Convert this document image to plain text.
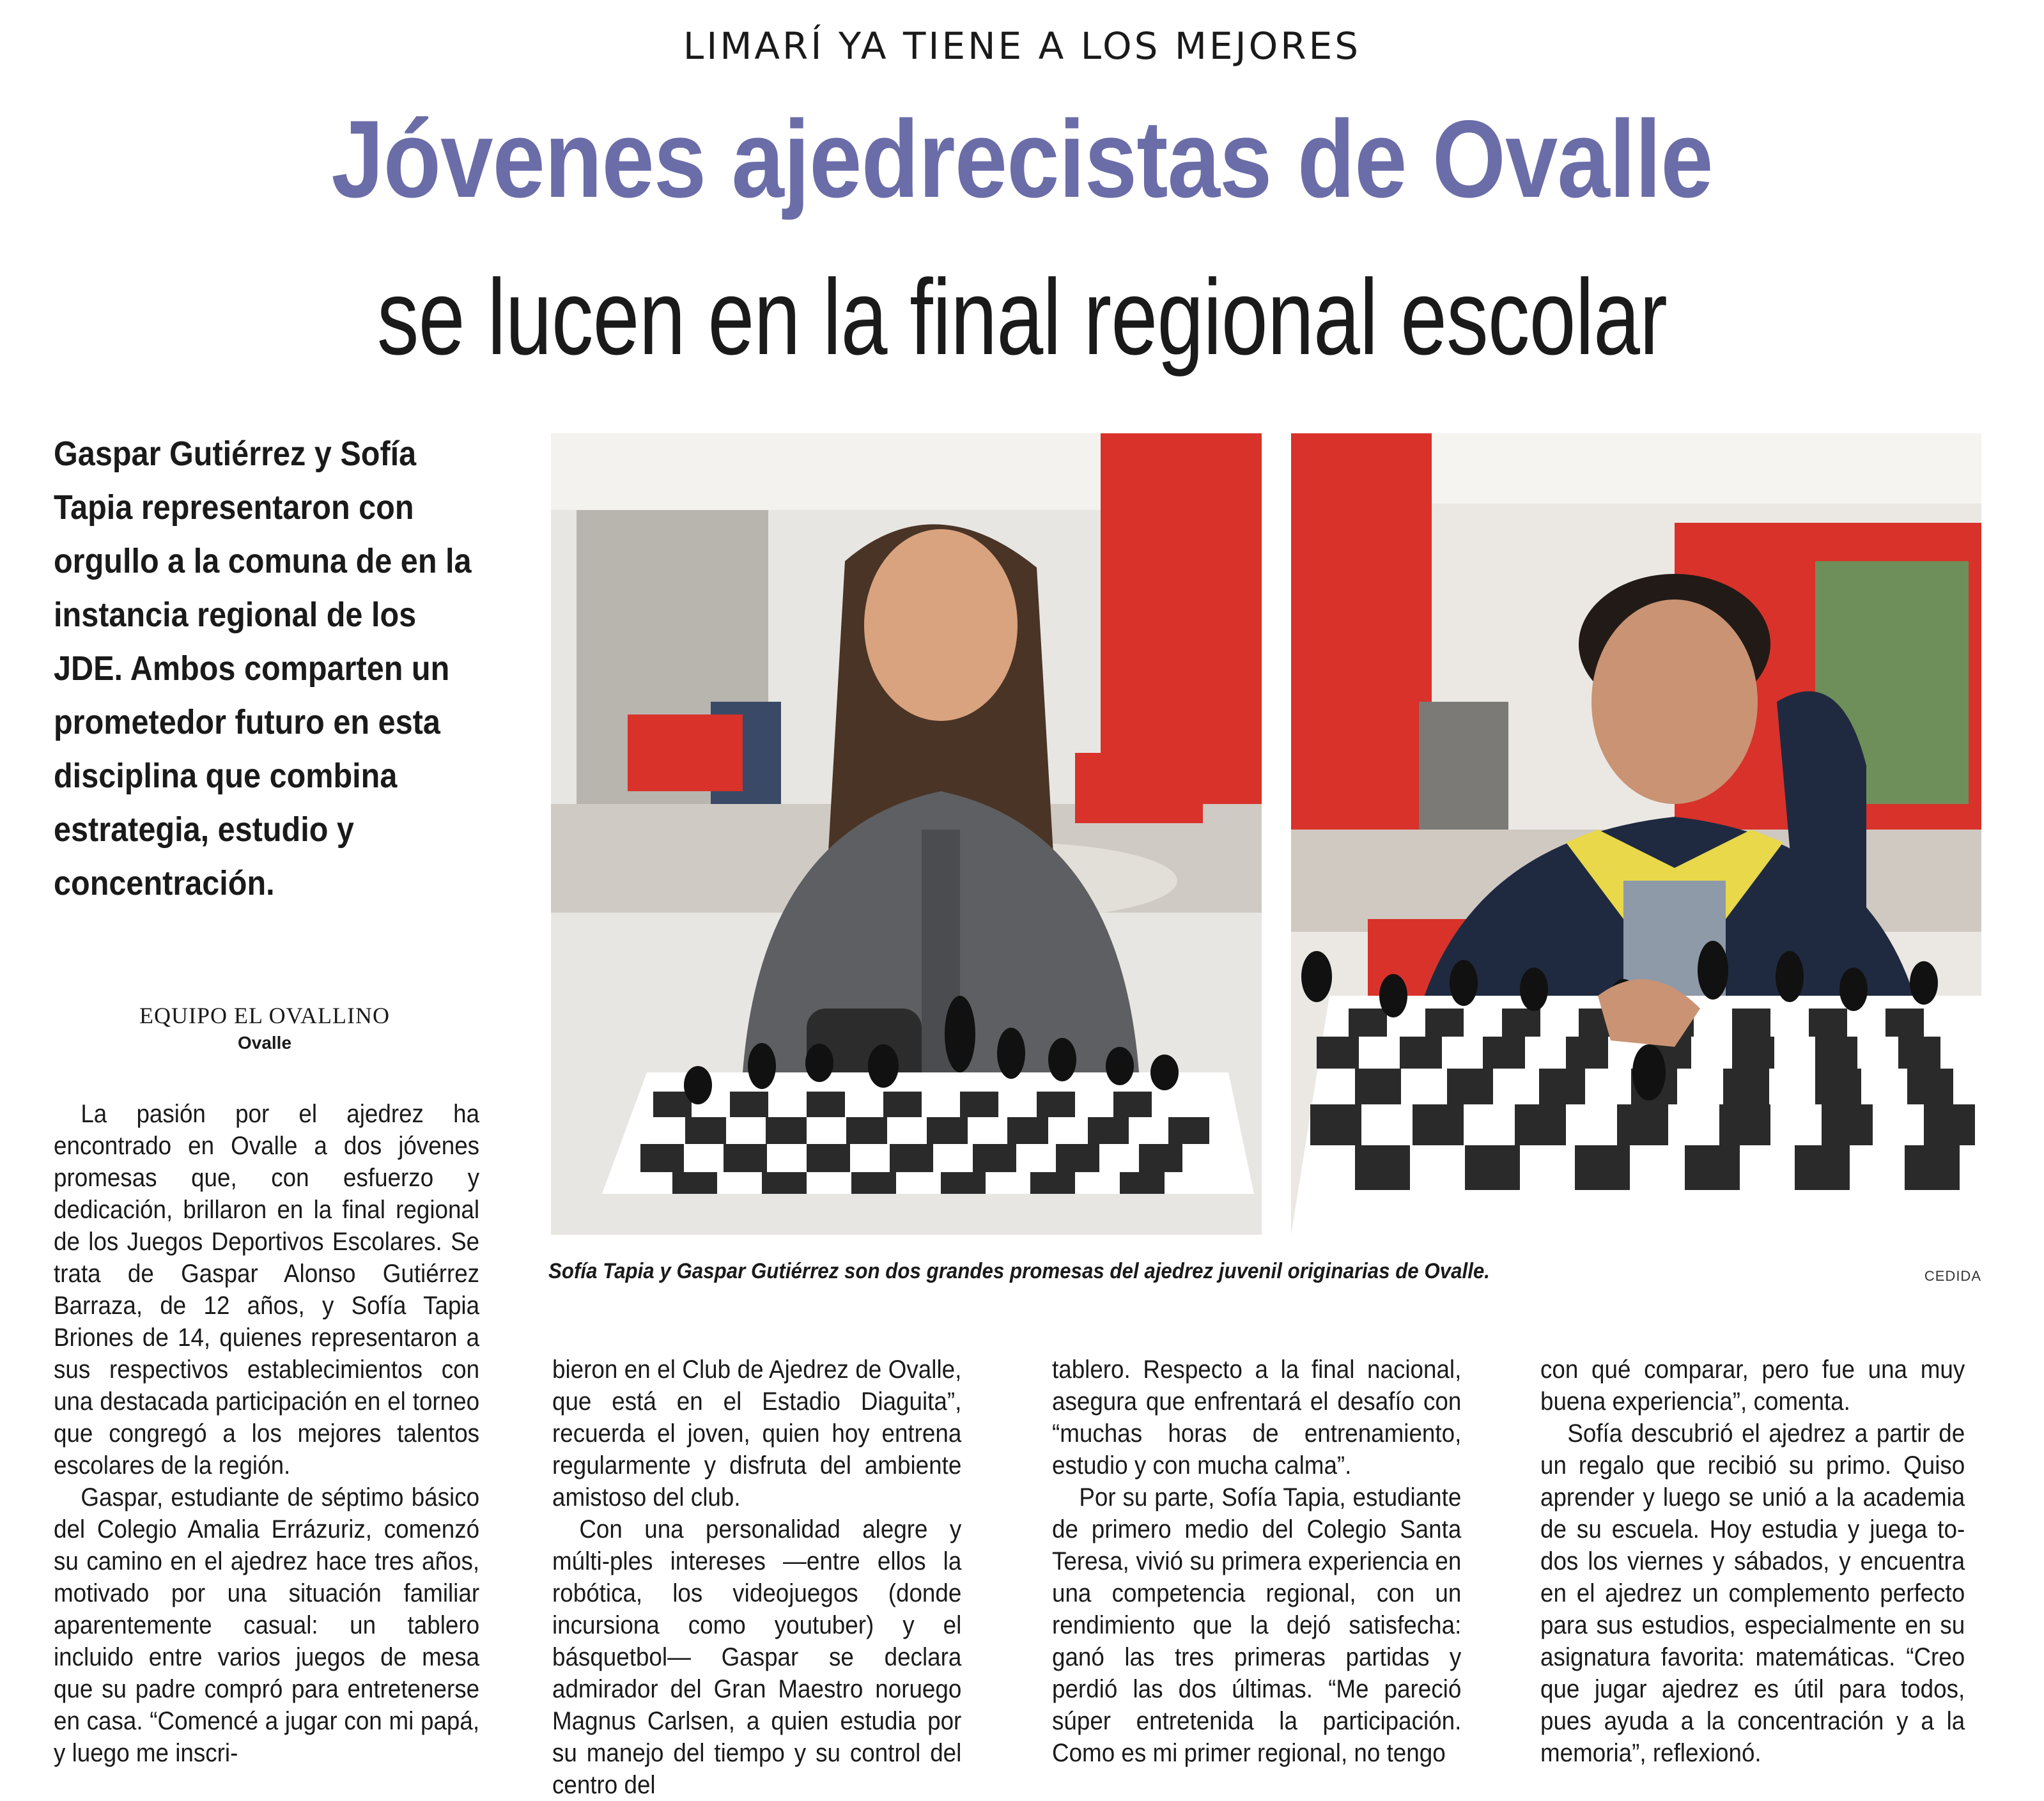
LIMARÍ YA TIENE A LOS MEJORES
Jóvenes ajedrecistas de Ovalle
se lucen en la final regional escolar
Gaspar Gutiérrez y Sofía Tapia representaron con orgullo a la comuna de en la instancia regional de los JDE. Ambos comparten un prometedor futuro en esta disciplina que combina estrategia, estudio y concentración.
EQUIPO EL OVALLINO
Ovalle
Sofía Tapia y Gaspar Gutiérrez son dos grandes promesas del ajedrez juvenil originarias de Ovalle.	CEDIDA

La pasión por el ajedrez ha encontrado en Ovalle a dos jóvenes promesas que, con esfuerzo y dedicación, brillaron en la final regional de los Juegos Deportivos Escolares. Se trata de Gaspar Alonso Gutiérrez Barraza, de 12 años, y Sofía Tapia Briones de 14, quienes representaron a sus respectivos establecimientos con una destacada participación en el torneo que congregó a los mejores talentos escolares de la región.

Gaspar, estudiante de séptimo básico del Colegio Amalia Errázuriz, comenzó su camino en el ajedrez hace tres años, motivado por una situación familiar aparentemente casual: un tablero incluido entre varios juegos de mesa que su padre compró para entretenerse en casa. “Comencé a jugar con mi papá, y luego me inscri-

bieron en el Club de Ajedrez de Ovalle, que está en el Estadio Diaguita”, recuerda el joven, quien hoy entrena regularmente y disfruta del ambiente amistoso del club.

Con una personalidad alegre y múlti-ples intereses —entre ellos la robótica, los videojuegos (donde incursiona como youtuber) y el básquetbol— Gaspar se declara admirador del Gran Maestro noruego Magnus Carlsen, a quien estudia por su manejo del tiempo y su control del centro del

tablero. Respecto a la final nacional, asegura que enfrentará el desafío con “muchas horas de entrenamiento, estudio y con mucha calma”.

Por su parte, Sofía Tapia, estudiante de primero medio del Colegio Santa Teresa, vivió su primera experiencia en una competencia regional, con un rendimiento que la dejó satisfecha: ganó las tres primeras partidas y perdió las dos últimas. “Me pareció súper entretenida la participación. Como es mi primer regional, no tengo

con qué comparar, pero fue una muy buena experiencia”, comenta.

Sofía descubrió el ajedrez a partir de un regalo que recibió su primo. Quiso aprender y luego se unió a la academia de su escuela. Hoy estudia y juega to-dos los viernes y sábados, y encuentra en el ajedrez un complemento perfecto para sus estudios, especialmente en su asignatura favorita: matemáticas. “Creo que jugar ajedrez es útil para todos, pues ayuda a la concentración y a la memoria”, reflexionó.
